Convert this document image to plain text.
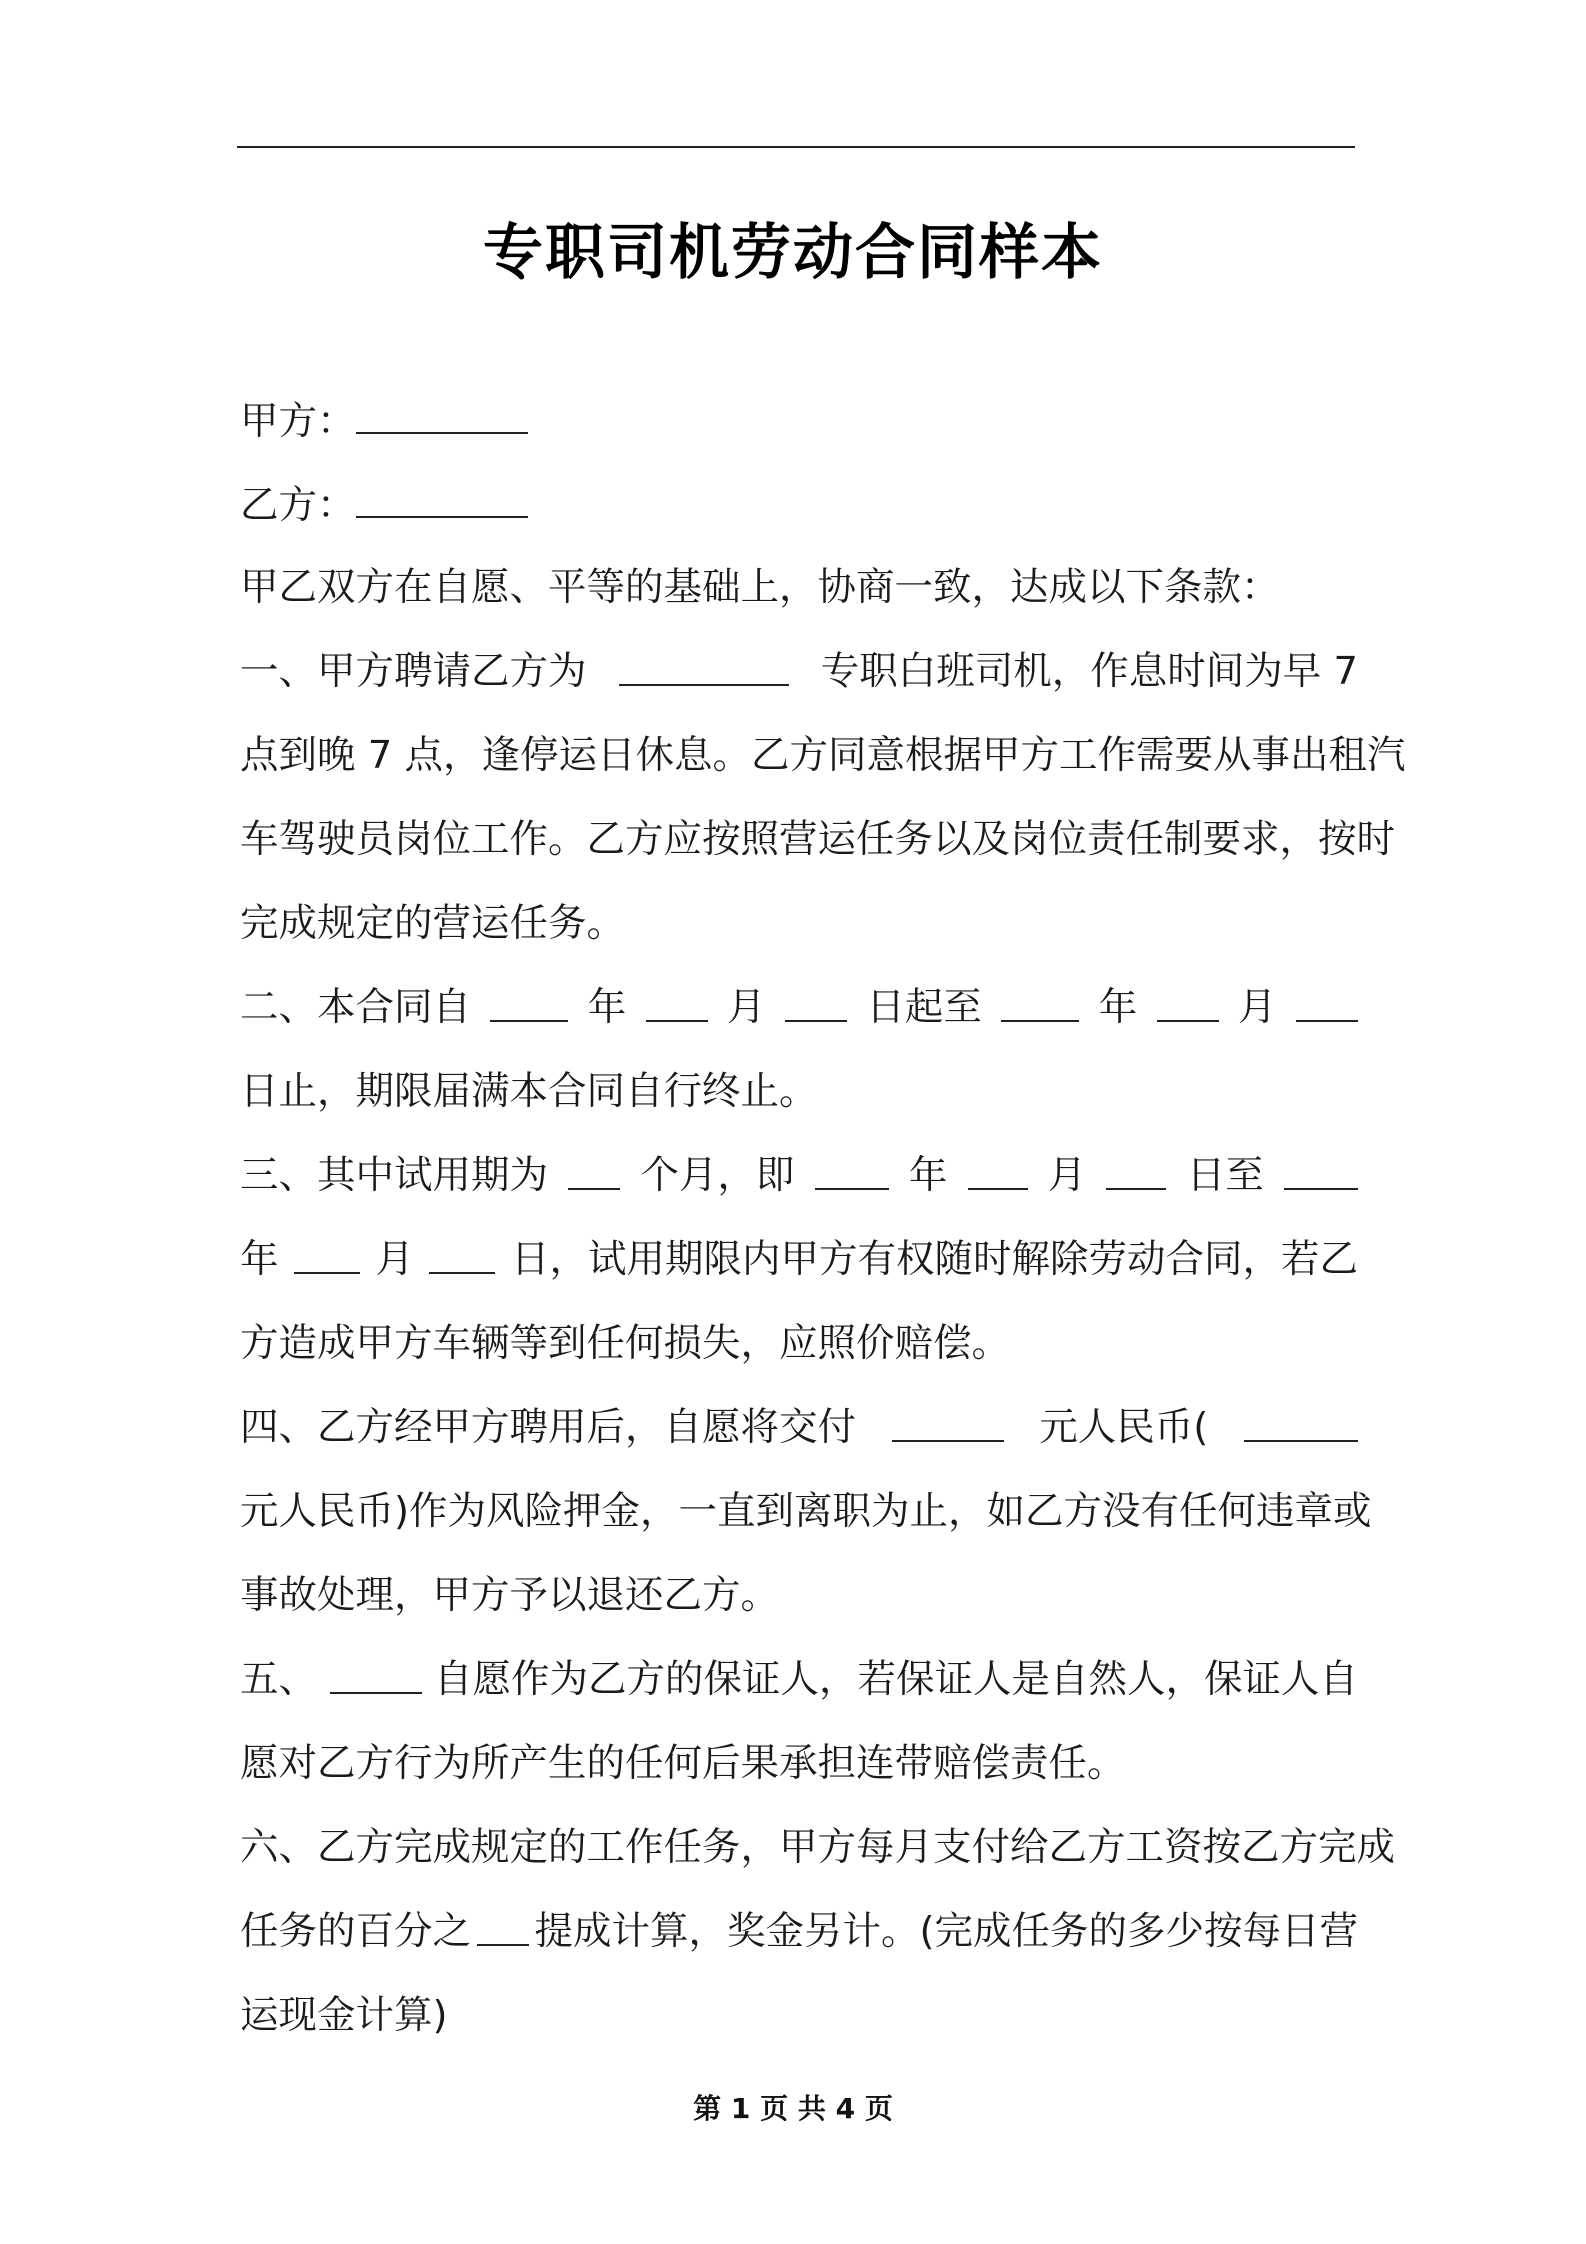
专职司机劳动合同样本
甲方：
乙方：
甲乙双方在自愿、平等的基础上，协商一致，达成以下条款：
一、甲方聘请乙方为	专职白班司机，作息时间为早 7
点到晚 7 点，逢停运日休息。乙方同意根据甲方工作需要从事出租汽
车驾驶员岗位工作。乙方应按照营运任务以及岗位责任制要求，按时
完成规定的营运任务。
二、本合同自	年	月	日起至	年	月
日止，期限届满本合同自行终止。
三、其中试用期为 个月，即	年	月	日至
年	月	日，试用期限内甲方有权随时解除劳动合同，若乙
方造成甲方车辆等到任何损失，应照价赔偿。
四、乙方经甲方聘用后，自愿将交付	元人民币(
元人民币)作为风险押金，一直到离职为止，如乙方没有任何违章或
事故处理，甲方予以退还乙方。
五、	自愿作为乙方的保证人，若保证人是自然人，保证人自
愿对乙方行为所产生的任何后果承担连带赔偿责任。
六、乙方完成规定的工作任务，甲方每月支付给乙方工资按乙方完成
任务的百分之 提成计算，奖金另计。(完成任务的多少按每日营
运现金计算)
第 1 页 共 4 页
